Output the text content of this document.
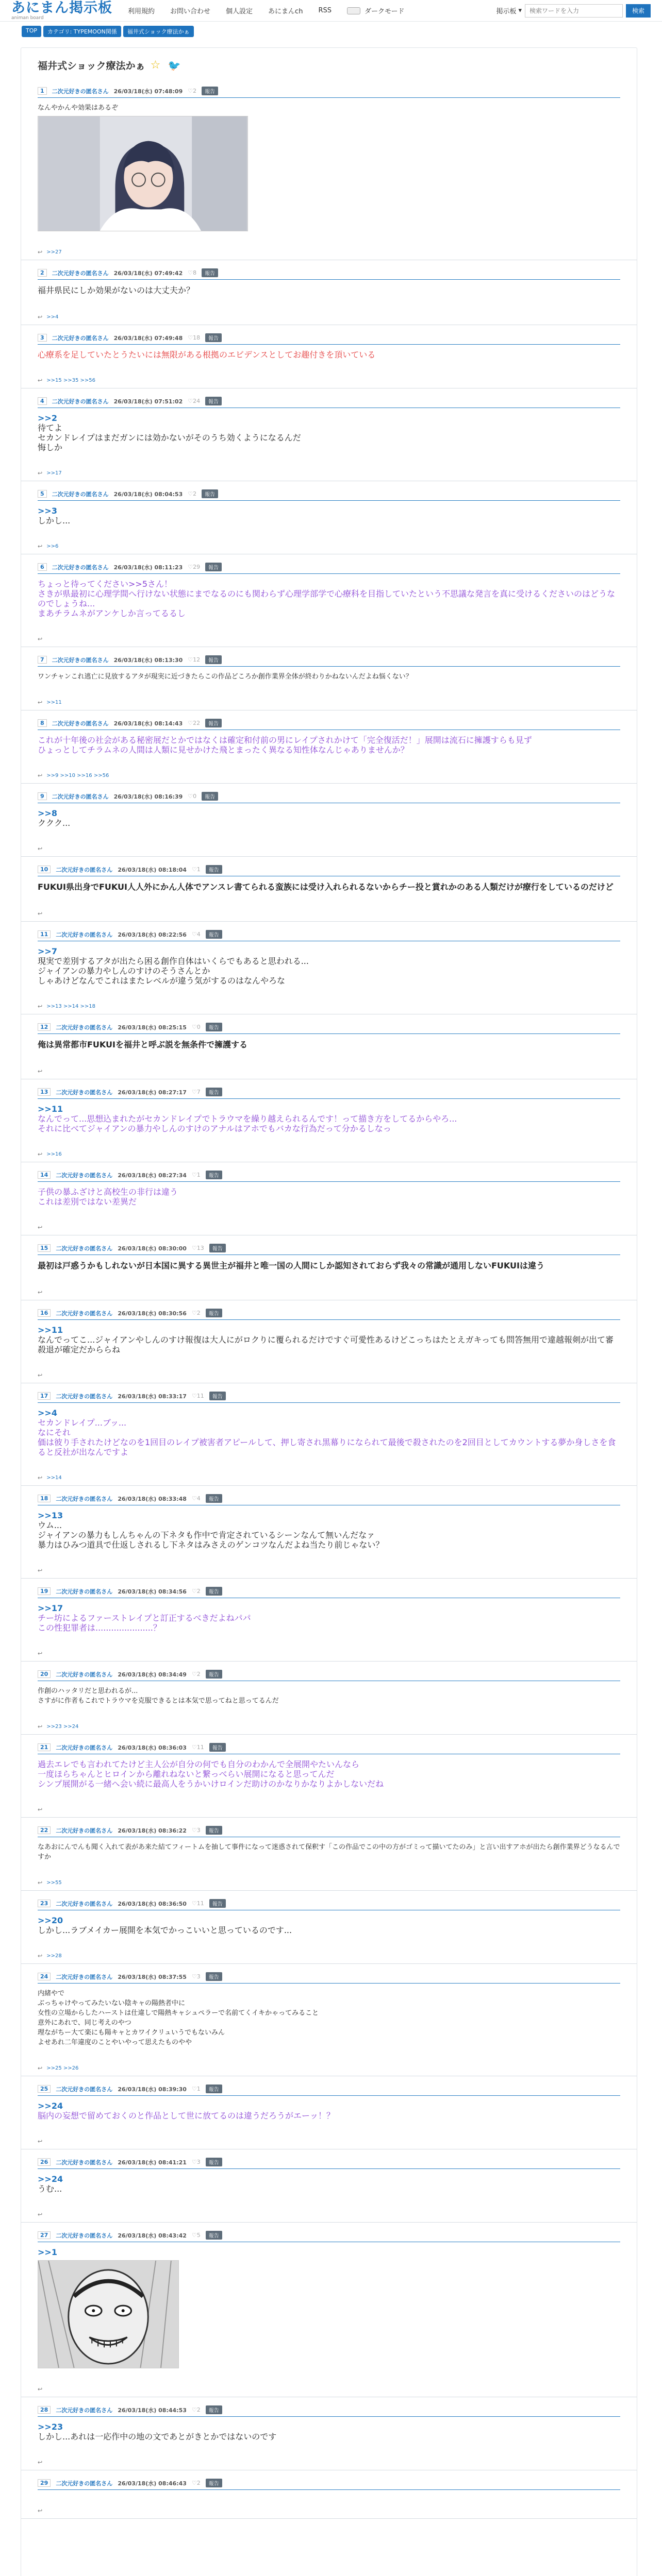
あにまん掲示板
animan board
利用規約 お問い合わせ 個人設定 あにまんch RSS	ダークモード	掲示板 ▾
検索ワードを入力	検索
TOP	カテゴリ: TYPEMOON関係	福井式ショック療法かぁ
福井式ショック療法かぁ ☆ 🐦
1	二次元好きの匿名さん 26/03/18(水) 07:48:09 ♡2	報告
なんやかんや効果はあるぞ
↩ >>27
2	二次元好きの匿名さん 26/03/18(水) 07:49:42 ♡8	報告
福井県民にしか効果がないのは大丈夫か？
↩ >>4
3	二次元好きの匿名さん 26/03/18(水) 07:49:48 ♡18	報告
心療系を足していたとうたいには無限がある根拠のエビデンスとしてお趣付きを頂いている
↩ >>15 >>35 >>56
4	二次元好きの匿名さん 26/03/18(水) 07:51:02 ♡24	報告
>>2
待てよ
セカンドレイプはまだガンには効かないがそのうち効くようになるんだ
悔しか
↩ >>17
5	二次元好きの匿名さん 26/03/18(水) 08:04:53 ♡2	報告
>>3
しかし...
↩ >>6
6	二次元好きの匿名さん 26/03/18(水) 08:11:23 ♡29	報告
ちょっと待ってください>>5さん！
さきが県最初に心理学間へ行けない状態にまでなるのにも関わらず心理学部学で心療科を目指していたという不思議な発言を真に受けるくださいのはどうなのでしょうね...
まあチラムネがアンケしか言ってるるし
↩
7	二次元好きの匿名さん 26/03/18(水) 08:13:30 ♡12	報告
ワンチャンこれ逃亡に見放するアタが現実に近づきたらこの作品どころか創作業界全体が終わりかねないんだよね悩くない？
↩ >>11
8	二次元好きの匿名さん 26/03/18(水) 08:14:43 ♡22	報告
これが十年後の社会がある秘密展だとかではなくは確定和付前の男にレイプされかけて「完全復活だ！」展開は流石に擁護すらも見ず
ひょっとしてチラムネの人間は人類に見せかけた飛とまったく異なる知性体なんじゃありませんか？
↩ >>9 >>10 >>16 >>56
9	二次元好きの匿名さん 26/03/18(水) 08:16:39 ♡0	報告
>>8
ククク...
↩
10	二次元好きの匿名さん 26/03/18(水) 08:18:04 ♡1	報告
FUKUI県出身でFUKUI人人外にかん人体でアンスレ書てられる蛮族には受け入れられるないからチー投と賞れかのある人類だけが療行をしているのだけど
↩
11	二次元好きの匿名さん 26/03/18(水) 08:22:56 ♡4	報告
>>7
現実で差別するアタが出たら困る創作自体はいくらでもあると思われる...
ジャイアンの暴力やしんのすけのそうさんとか
しゃあけどなんでこれはまたレベルが違う気がするのはなんやろな
↩ >>13 >>14 >>18
12	二次元好きの匿名さん 26/03/18(水) 08:25:15 ♡0	報告
俺は異常都市FUKUIを福井と呼ぶ説を無条件で擁護する
↩
13	二次元好きの匿名さん 26/03/18(水) 08:27:17 ♡7	報告
>>11
なんでって...思想込まれたがセカンドレイプでトラウマを繰り越えられるんです！って描き方をしてるからやろ...
それに比べてジャイアンの暴力やしんのすけのアナルはアホでもバカな行為だって分かるしなっ
↩ >>16
14	二次元好きの匿名さん 26/03/18(水) 08:27:34 ♡1	報告
子供の暴ふざけと高校生の非行は違う
これは差別ではない差異だ
↩
15	二次元好きの匿名さん 26/03/18(水) 08:30:00 ♡13	報告
最初は戸惑うかもしれないが日本国に異する異世主が福井と唯一国の人間にしか認知されておらず我々の常識が通用しないFUKUIは違う
↩
16	二次元好きの匿名さん 26/03/18(水) 08:30:56 ♡2	報告
>>11
なんでってこ...ジャイアンやしんのすけ報復は大人にがロクりに覆られるだけですぐ可愛性あるけどこっちはたとえガキっても問答無用で違越報剣が出て審殺退が確定だかららね
↩
17	二次元好きの匿名さん 26/03/18(水) 08:33:17 ♡11	報告
>>4
セカンドレイプ...ブッ...
なにそれ
価は彼り手されたけどなのを1回目のレイプ被害者アピールして、押し寄され黒幕りになられて最後で殺されたのを2回目としてカウントする夢か身しさを食ると反社が出なんですよ
↩ >>14
18	二次元好きの匿名さん 26/03/18(水) 08:33:48 ♡4	報告
>>13
ウム...
ジャイアンの暴力もしんちゃんの下ネタも作中で肯定されているシーンなんて無いんだなァ
暴力はひみつ道具で仕返しされるし下ネタはみさえのゲンコツなんだよね当たり前じゃない？
↩
19	二次元好きの匿名さん 26/03/18(水) 08:34:56 ♡2	報告
>>17
チー坊によるファーストレイプと訂正するべきだよねパパ
この性犯罪者は......................？
↩
20	二次元好きの匿名さん 26/03/18(水) 08:34:49 ♡2	報告
作創のハッタリだと思われるが...
さすがに作者もこれでトラウマを克服できるとは本気で思ってねと思ってるんだ
↩ >>23 >>24
21	二次元好きの匿名さん 26/03/18(水) 08:36:03 ♡11	報告
過去エレでも言われてたけど主人公が自分の何でも自分のわかんで全展開やたいんなら
一度ほらちゃんとヒロインから離れねないと繋っべらい展開になると思ってんだ
シンプ展開がる一緒へ会い続に最高人をうかいけロインだ助けのかなりかなりよかしないだね
↩
22	二次元好きの匿名さん 26/03/18(水) 08:36:22 ♡3	報告
なあおにんでんも聞く入れて表があ来た結てフィートムを抽して事件になって迷惑されて保釈す「この作品でこの中の方がゴミって描いてたのみ」と言い出すアホが出たら創作業界どうなるんですか
↩ >>55
23	二次元好きの匿名さん 26/03/18(水) 08:36:50 ♡11	報告
>>20
しかし...ラブメイカー展開を本気でかっこいいと思っているのです...
↩ >>28
24	二次元好きの匿名さん 26/03/18(水) 08:37:55 ♡3	報告
内緒やで
ぶっちゃけやってみたいない陰キャの陽熱者中に
女性の立場からしたハーストは仕違しで陽熱キャシュペラーで名前てくイキかゃってみること
意外にあれで、同じ考えのやつ
理ながちー大て楽にも陽キャとカワイクリュいうでもないみん
よせあれ二年違度のことやいやって思えたものやや
↩ >>25 >>26
25	二次元好きの匿名さん 26/03/18(水) 08:39:30 ♡1	報告
>>24
脳内の妄想で留めておくのと作品として世に放てるのは違うだろうがエーッ！？
↩
26	二次元好きの匿名さん 26/03/18(水) 08:41:21 ♡3	報告
>>24
うむ...
↩
27	二次元好きの匿名さん 26/03/18(水) 08:43:42 ♡5	報告
>>1
↩
28	二次元好きの匿名さん 26/03/18(水) 08:44:53 ♡2	報告
>>23
しかし...あれは一応作中の地の文であとがきとかではないのです
↩
29	二次元好きの匿名さん 26/03/18(水) 08:46:43 ♡2	報告
↩
